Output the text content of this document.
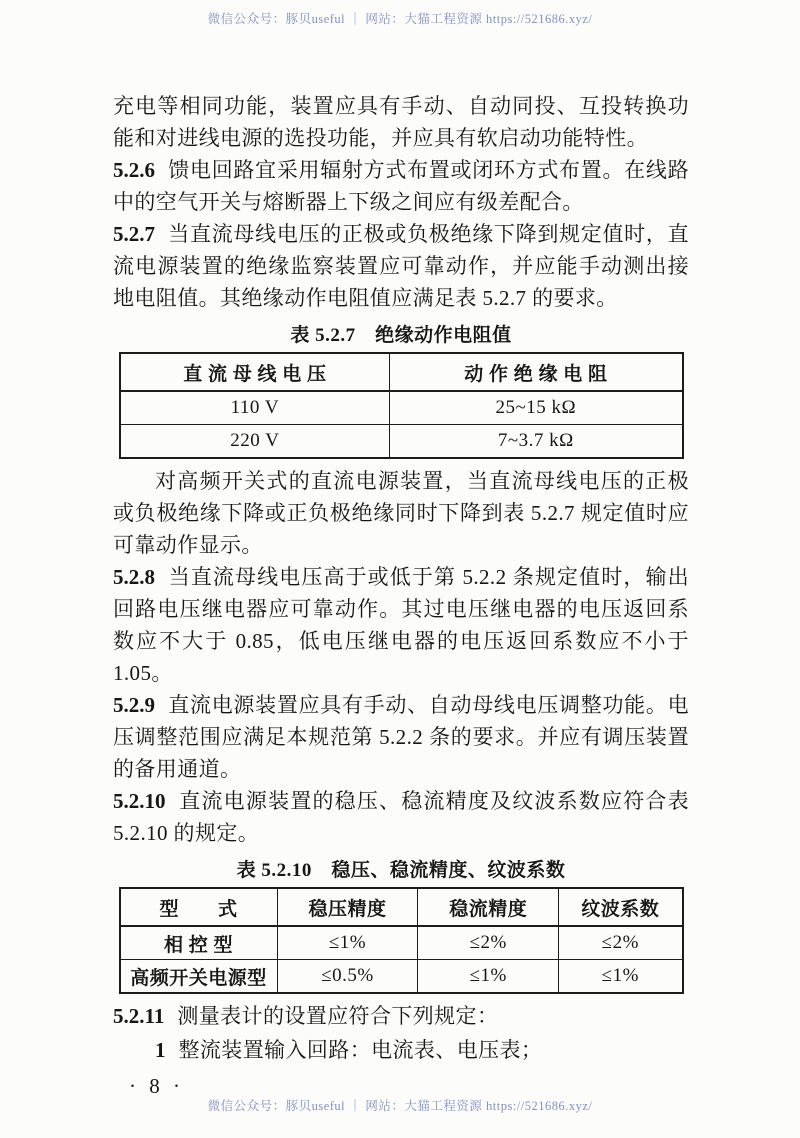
微信公众号：豚贝useful ｜ 网站：大猫工程资源 https://521686.xyz/

充电等相同功能，装置应具有手动、自动同投、互投转换功能和对进线电源的选投功能，并应具有软启动功能特性。

5.2.6 馈电回路宜采用辐射方式布置或闭环方式布置。在线路中的空气开关与熔断器上下级之间应有级差配合。

5.2.7 当直流母线电压的正极或负极绝缘下降到规定值时，直流电源装置的绝缘监察装置应可靠动作，并应能手动测出接地电阻值。其绝缘动作电阻值应满足表 5.2.7 的要求。

表 5.2.7　绝缘动作电阻值
直 流 母 线 电 压	动 作 绝 缘 电 阻
110 V	25~15 kΩ
220 V	7~3.7 kΩ

对高频开关式的直流电源装置，当直流母线电压的正极或负极绝缘下降或正负极绝缘同时下降到表 5.2.7 规定值时应可靠动作显示。

5.2.8 当直流母线电压高于或低于第 5.2.2 条规定值时，输出回路电压继电器应可靠动作。其过电压继电器的电压返回系数应不大于 0.85，低电压继电器的电压返回系数应不小于 1.05。

5.2.9 直流电源装置应具有手动、自动母线电压调整功能。电压调整范围应满足本规范第 5.2.2 条的要求。并应有调压装置的备用通道。

5.2.10 直流电源装置的稳压、稳流精度及纹波系数应符合表 5.2.10 的规定。

表 5.2.10　稳压、稳流精度、纹波系数
型　　式	稳压精度	稳流精度	纹波系数
相 控 型	≤1%	≤2%	≤2%
高频开关电源型	≤0.5%	≤1%	≤1%

5.2.11 测量表计的设置应符合下列规定：

1 整流装置输入回路：电流表、电压表；

· 8 ·
微信公众号：豚贝useful ｜ 网站：大猫工程资源 https://521686.xyz/
